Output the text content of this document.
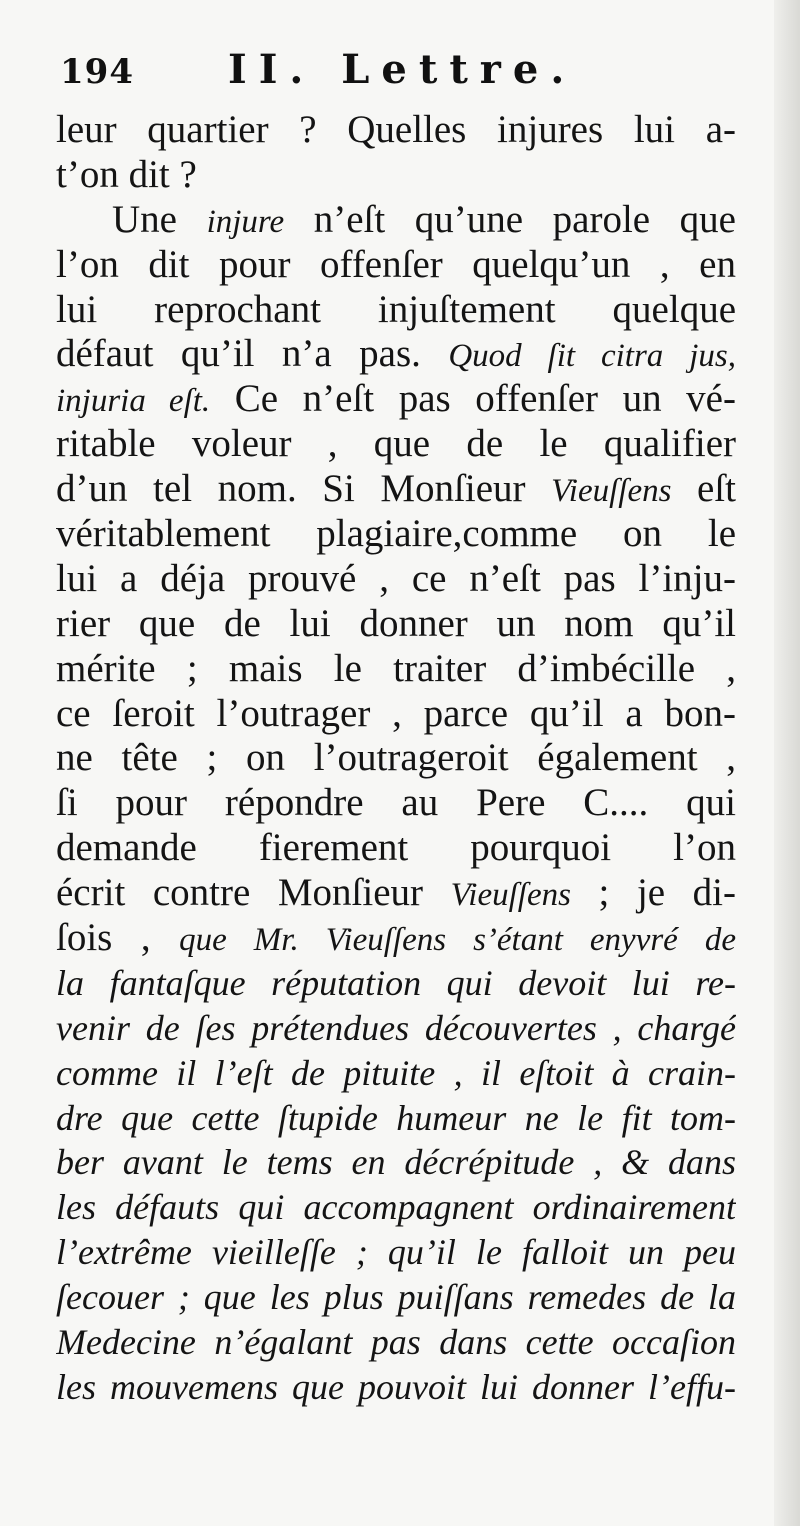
194 II. Lettre.
leur quartier ? Quelles injures lui a-
t’on dit ?
Une injure n’eſt qu’une parole que
l’on dit pour offenſer quelqu’un , en
lui reprochant injuſtement quelque
défaut qu’il n’a pas. Quod ſit citra jus,
injuria eſt. Ce n’eſt pas offenſer un vé-
ritable voleur , que de le qualifier
d’un tel nom. Si Monſieur Vieuſſens eſt
véritablement plagiaire,comme on le
lui a déja prouvé , ce n’eſt pas l’inju-
rier que de lui donner un nom qu’il
mérite ; mais le traiter d’imbécille ,
ce ſeroit l’outrager , parce qu’il a bon-
ne tête ; on l’outrageroit également ,
ſi pour répondre au Pere C.... qui
demande fierement pourquoi l’on
écrit contre Monſieur Vieuſſens ; je di-
ſois , que Mr. Vieuſſens s’étant enyvré de
la fantaſque réputation qui devoit lui re-
venir de ſes prétendues découvertes , chargé
comme il l’eſt de pituite , il eſtoit à crain-
dre que cette ſtupide humeur ne le fit tom-
ber avant le tems en décrépitude , & dans
les défauts qui accompagnent ordinairement
l’extrême vieilleſſe ; qu’il le falloit un peu
ſecouer ; que les plus puiſſans remedes de la
Medecine n’égalant pas dans cette occaſion
les mouvemens que pouvoit lui donner l’effu-
